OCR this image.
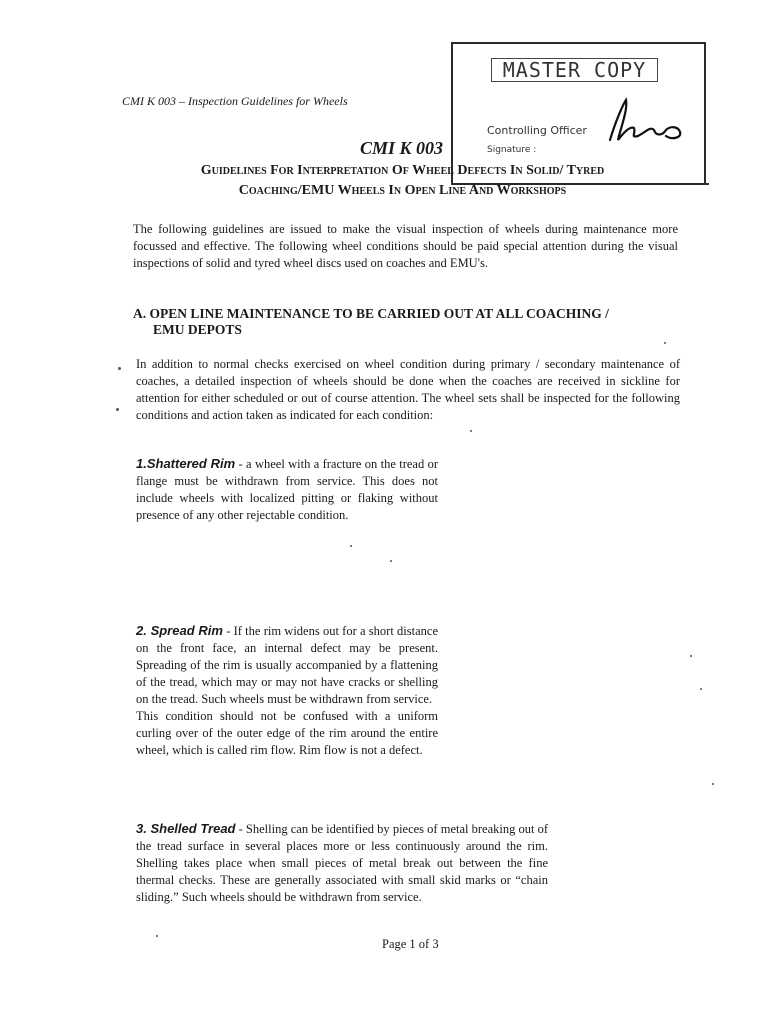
CMI K 003 – Inspection Guidelines for Wheels
MASTER COPY
Controlling Officer
Signature :
CMI K 003
Guidelines For Interpretation Of Wheel Defects In Solid/ Tyred
Coaching/EMU Wheels In Open Line And Workshops
The following guidelines are issued to make the visual inspection of wheels during maintenance more focussed and effective. The following wheel conditions should be paid special attention during the visual inspections of solid and tyred wheel discs used on coaches and EMU's.
A. OPEN LINE MAINTENANCE TO BE CARRIED OUT AT ALL COACHING /
EMU DEPOTS
In addition to normal checks exercised on wheel condition during primary / secondary maintenance of coaches, a detailed inspection of wheels should be done when the coaches are received in sickline for attention for either scheduled or out of course attention. The wheel sets shall be inspected for the following conditions and action taken as indicated for each condition:
1.Shattered Rim - a wheel with a fracture on the tread or flange must be withdrawn from service. This does not include wheels with localized pitting or flaking without presence of any other rejectable condition.
2. Spread Rim - If the rim widens out for a short distance on the front face, an internal defect may be present. Spreading of the rim is usually accompanied by a flattening of the tread, which may or may not have cracks or shelling on the tread. Such wheels must be withdrawn from service.
This condition should not be confused with a uniform curling over of the outer edge of the rim around the entire wheel, which is called rim flow. Rim flow is not a defect.
3. Shelled Tread - Shelling can be identified by pieces of metal breaking out of the tread surface in several places more or less continuously around the rim. Shelling takes place when small pieces of metal break out between the fine thermal checks. These are generally associated with small skid marks or “chain sliding.” Such wheels should be withdrawn from service.
Page 1 of 3
